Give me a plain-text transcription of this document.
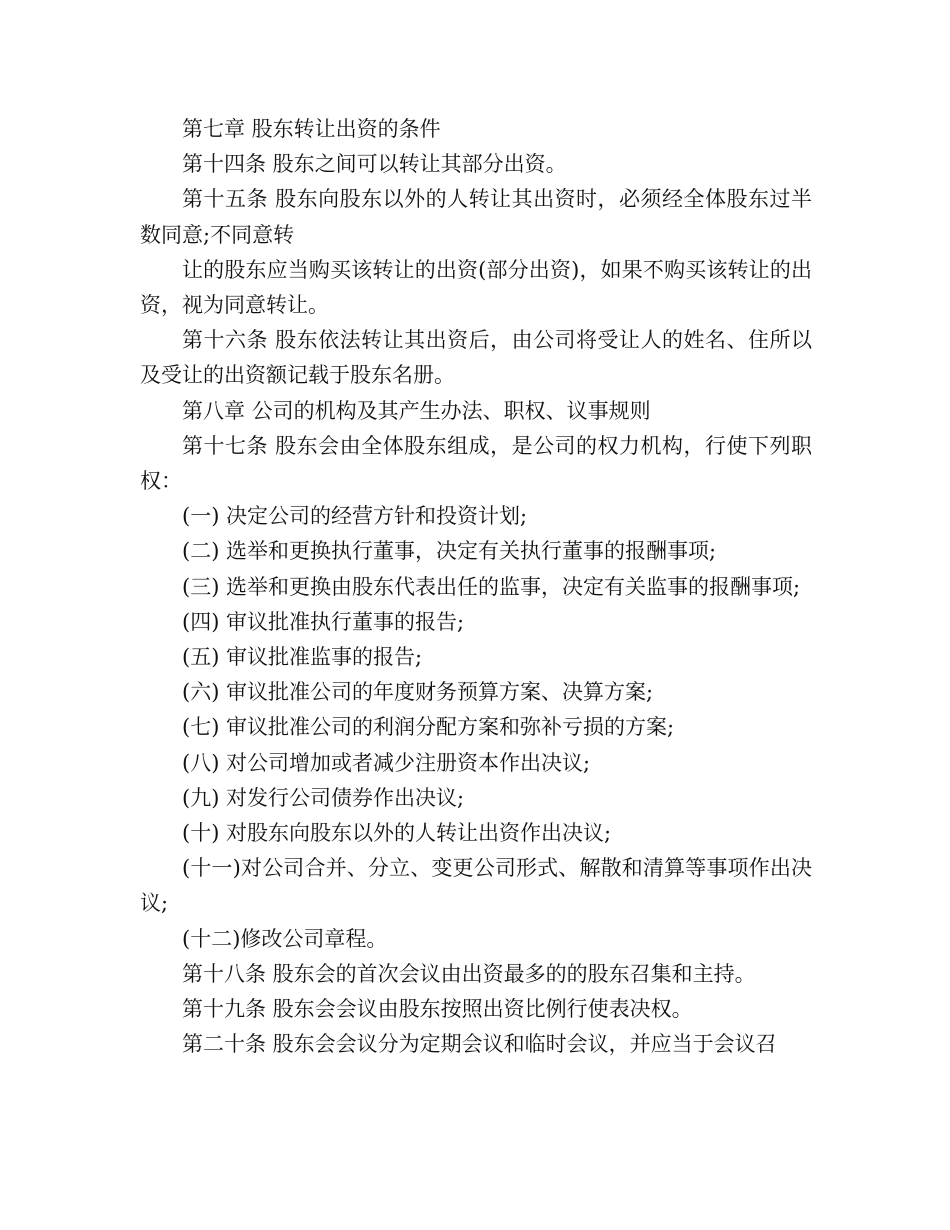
第七章 股东转让出资的条件

第十四条 股东之间可以转让其部分出资。

第十五条 股东向股东以外的人转让其出资时，必须经全体股东过半数同意;不同意转

让的股东应当购买该转让的出资(部分出资)，如果不购买该转让的出资，视为同意转让。

第十六条 股东依法转让其出资后，由公司将受让人的姓名、住所以及受让的出资额记载于股东名册。

第八章 公司的机构及其产生办法、职权、议事规则

第十七条 股东会由全体股东组成，是公司的权力机构，行使下列职权：

(一) 决定公司的经营方针和投资计划;

(二) 选举和更换执行董事，决定有关执行董事的报酬事项;

(三) 选举和更换由股东代表出任的监事，决定有关监事的报酬事项;

(四) 审议批准执行董事的报告;

(五) 审议批准监事的报告;

(六) 审议批准公司的年度财务预算方案、决算方案;

(七) 审议批准公司的利润分配方案和弥补亏损的方案;

(八) 对公司增加或者减少注册资本作出决议;

(九) 对发行公司债券作出决议;

(十) 对股东向股东以外的人转让出资作出决议;

(十一)对公司合并、分立、变更公司形式、解散和清算等事项作出决议;

(十二)修改公司章程。

第十八条 股东会的首次会议由出资最多的的股东召集和主持。

第十九条 股东会会议由股东按照出资比例行使表决权。

第二十条 股东会会议分为定期会议和临时会议，并应当于会议召
